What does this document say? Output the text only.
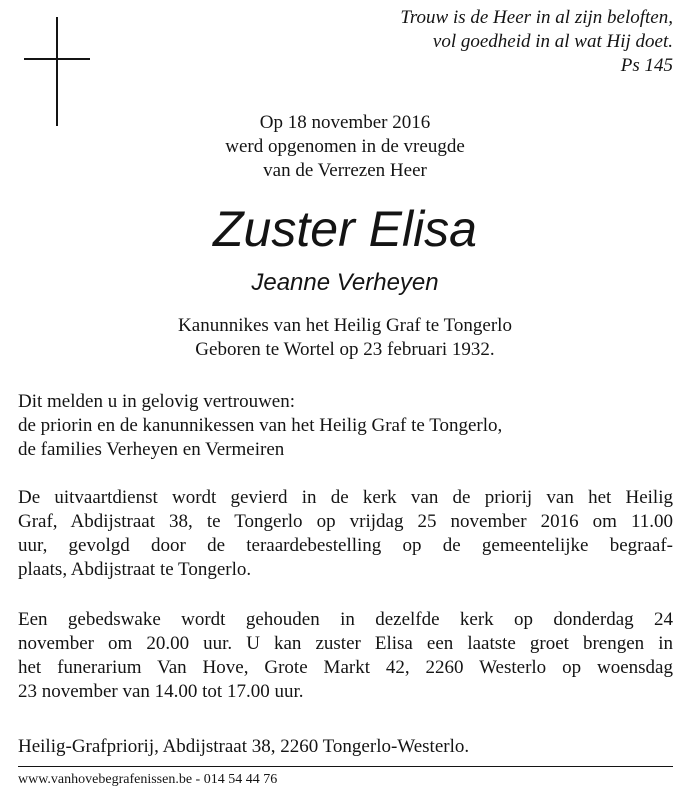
Trouw is de Heer in al zijn beloften,
vol goedheid in al wat Hij doet.
Ps 145
Op 18 november 2016
werd opgenomen in de vreugde
van de Verrezen Heer
Zuster Elisa
Jeanne Verheyen
Kanunnikes van het Heilig Graf te Tongerlo
Geboren te Wortel op 23 februari 1932.
Dit melden u in gelovig vertrouwen:
de priorin en de kanunnikessen van het Heilig Graf te Tongerlo,
de families Verheyen en Vermeiren
De uitvaartdienst wordt gevierd in de kerk van de priorij van het Heilig
Graf, Abdijstraat 38, te Tongerlo op vrijdag 25 november 2016 om 11.00
uur, gevolgd door de teraardebestelling op de gemeentelijke begraaf-
plaats, Abdijstraat te Tongerlo.
Een gebedswake wordt gehouden in dezelfde kerk op donderdag 24
november om 20.00 uur. U kan zuster Elisa een laatste groet brengen in
het funerarium Van Hove, Grote Markt 42, 2260 Westerlo op woensdag
23 november van 14.00 tot 17.00 uur.
Heilig-Grafpriorij, Abdijstraat 38, 2260 Tongerlo-Westerlo.
www.vanhovebegrafenissen.be - 014 54 44 76
